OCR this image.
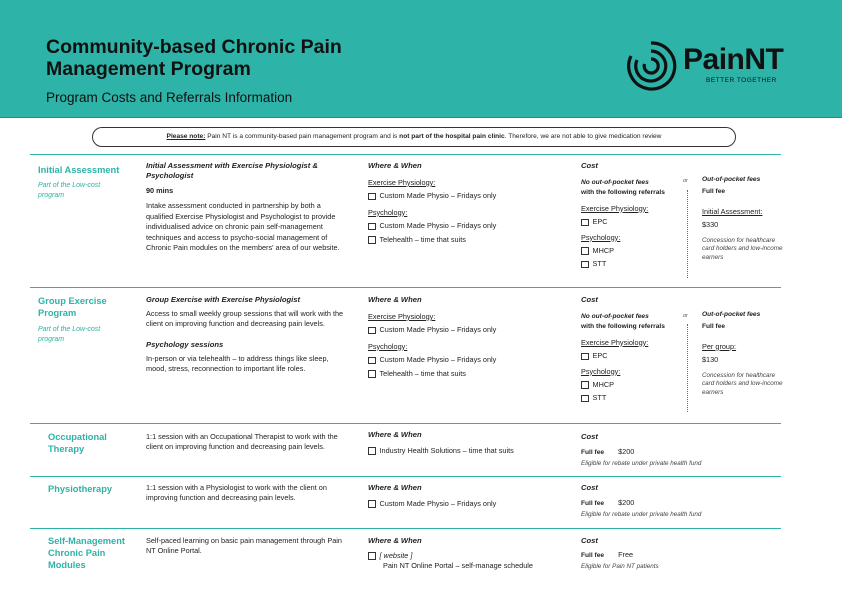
Community-based Chronic Pain Management Program
Program Costs and Referrals Information
PainNT
BETTER TOGETHER
Please note: Pain NT is a community-based pain management program and is not part of the hospital pain clinic. Therefore, we are not able to give medication review
Initial Assessment
Part of the Low-cost program
Initial Assessment with Exercise Physiologist & Psychologist
90 mins
Intake assessment conducted in partnership by both a qualified Exercise Physiologist and Psychologist to provide individualised advice on chronic pain self-management techniques and access to psycho-social management of Chronic Pain modules on the members' area of our website.
Where & When
Exercise Physiology:
Custom Made Physio – Fridays only
Psychology:
Custom Made Physio – Fridays only
Telehealth – time that suits
Cost
No out-of-pocket fees
with the following referrals
Exercise Physiology:
EPC
Psychology:
MHCP
STT
or Out-of-pocket fees
Full fee
Initial Assessment:
$330
Concession for healthcare card holders and low-income earners
Group Exercise Program
Part of the Low-cost program
Group Exercise with Exercise Physiologist
Access to small weekly group sessions that will work with the client on improving function and decreasing pain levels.
Psychology sessions
In-person or via telehealth – to address things like sleep, mood, stress, reconnection to important life roles.
Where & When
Exercise Physiology:
Custom Made Physio – Fridays only
Psychology:
Custom Made Physio – Fridays only
Telehealth – time that suits
Cost
No out-of-pocket fees
with the following referrals
Exercise Physiology:
EPC
Psychology:
MHCP
STT
or Out-of-pocket fees
Full fee
Per group:
$130
Concession for healthcare card holders and low-income earners
Occupational Therapy
1:1 session with an Occupational Therapist to work with the client on improving function and decreasing pain levels.
Where & When
Industry Health Solutions – time that suits
Cost
Full fee $200
Eligible for rebate under private health fund
Physiotherapy	1:1 session with a Physiologist to work with the client on improving function and decreasing pain levels.
Where & When
Custom Made Physio – Fridays only
Cost
Full fee $200
Eligible for rebate under private health fund
Self-Management Chronic Pain Modules
Self-paced learning on basic pain management through Pain NT Online Portal.
Where & When
[ website ]
Pain NT Online Portal – self-manage schedule
Cost
Full fee Free
Eligible for Pain NT patients
